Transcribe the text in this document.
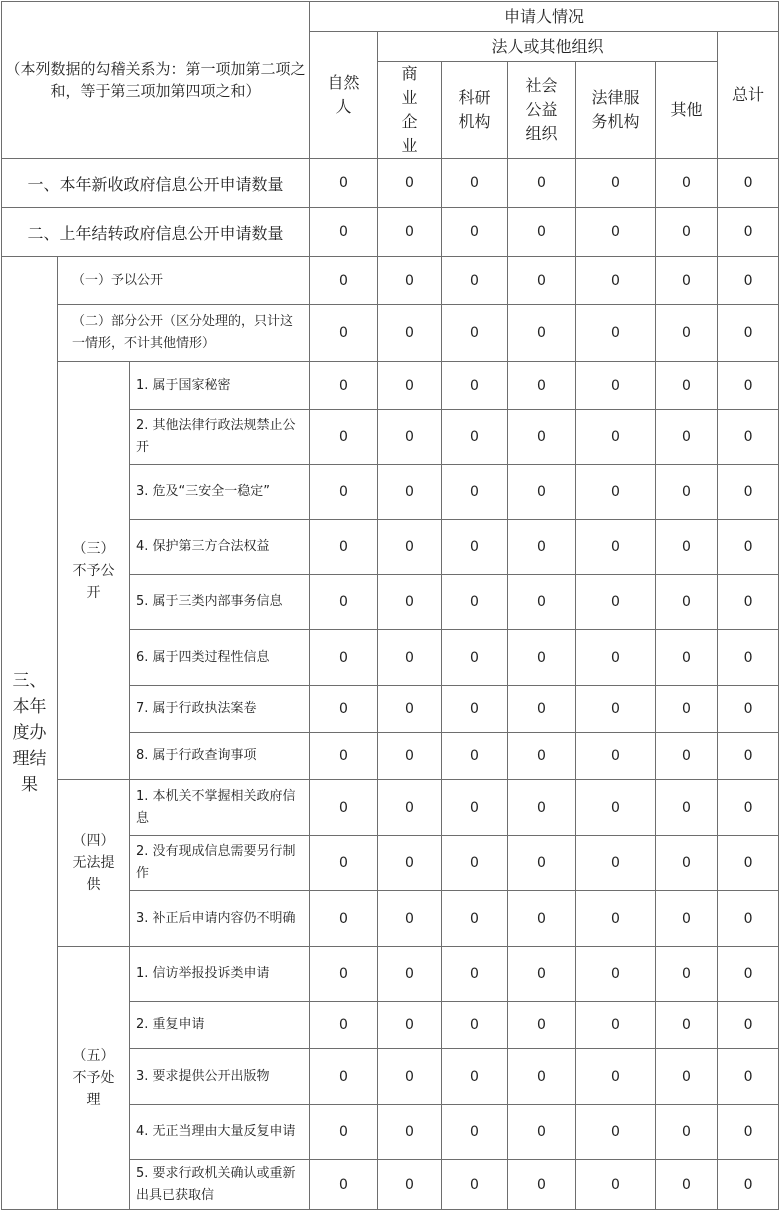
（本列数据的勾稽关系为：第一项加第二项之和，等于第三项加第四项之和）			申请人情况						
			自然人	法人或其他组织					总计
				商业企业	科研机构	社会公益组织	法律服务机构	其他	
一、本年新收政府信息公开申请数量			0	0	0	0	0	0	0
二、上年结转政府信息公开申请数量			0	0	0	0	0	0	0
三、本年度办理结果	（一）予以公开		0	0	0	0	0	0	0
	（二）部分公开（区分处理的，只计这一情形，不计其他情形）		0	0	0	0	0	0	0
	（三）不予公开	1. 属于国家秘密	0	0	0	0	0	0	0
		2. 其他法律行政法规禁止公开	0	0	0	0	0	0	0
		3. 危及“三安全一稳定”	0	0	0	0	0	0	0
		4. 保护第三方合法权益	0	0	0	0	0	0	0
		5. 属于三类内部事务信息	0	0	0	0	0	0	0
		6. 属于四类过程性信息	0	0	0	0	0	0	0
		7. 属于行政执法案卷	0	0	0	0	0	0	0
		8. 属于行政查询事项	0	0	0	0	0	0	0
	（四）无法提供	1. 本机关不掌握相关政府信息	0	0	0	0	0	0	0
		2. 没有现成信息需要另行制作	0	0	0	0	0	0	0
		3. 补正后申请内容仍不明确	0	0	0	0	0	0	0
	（五）不予处理	1. 信访举报投诉类申请	0	0	0	0	0	0	0
		2. 重复申请	0	0	0	0	0	0	0
		3. 要求提供公开出版物	0	0	0	0	0	0	0
		4. 无正当理由大量反复申请	0	0	0	0	0	0	0
		5. 要求行政机关确认或重新出具已获取信	0	0	0	0	0	0	0
